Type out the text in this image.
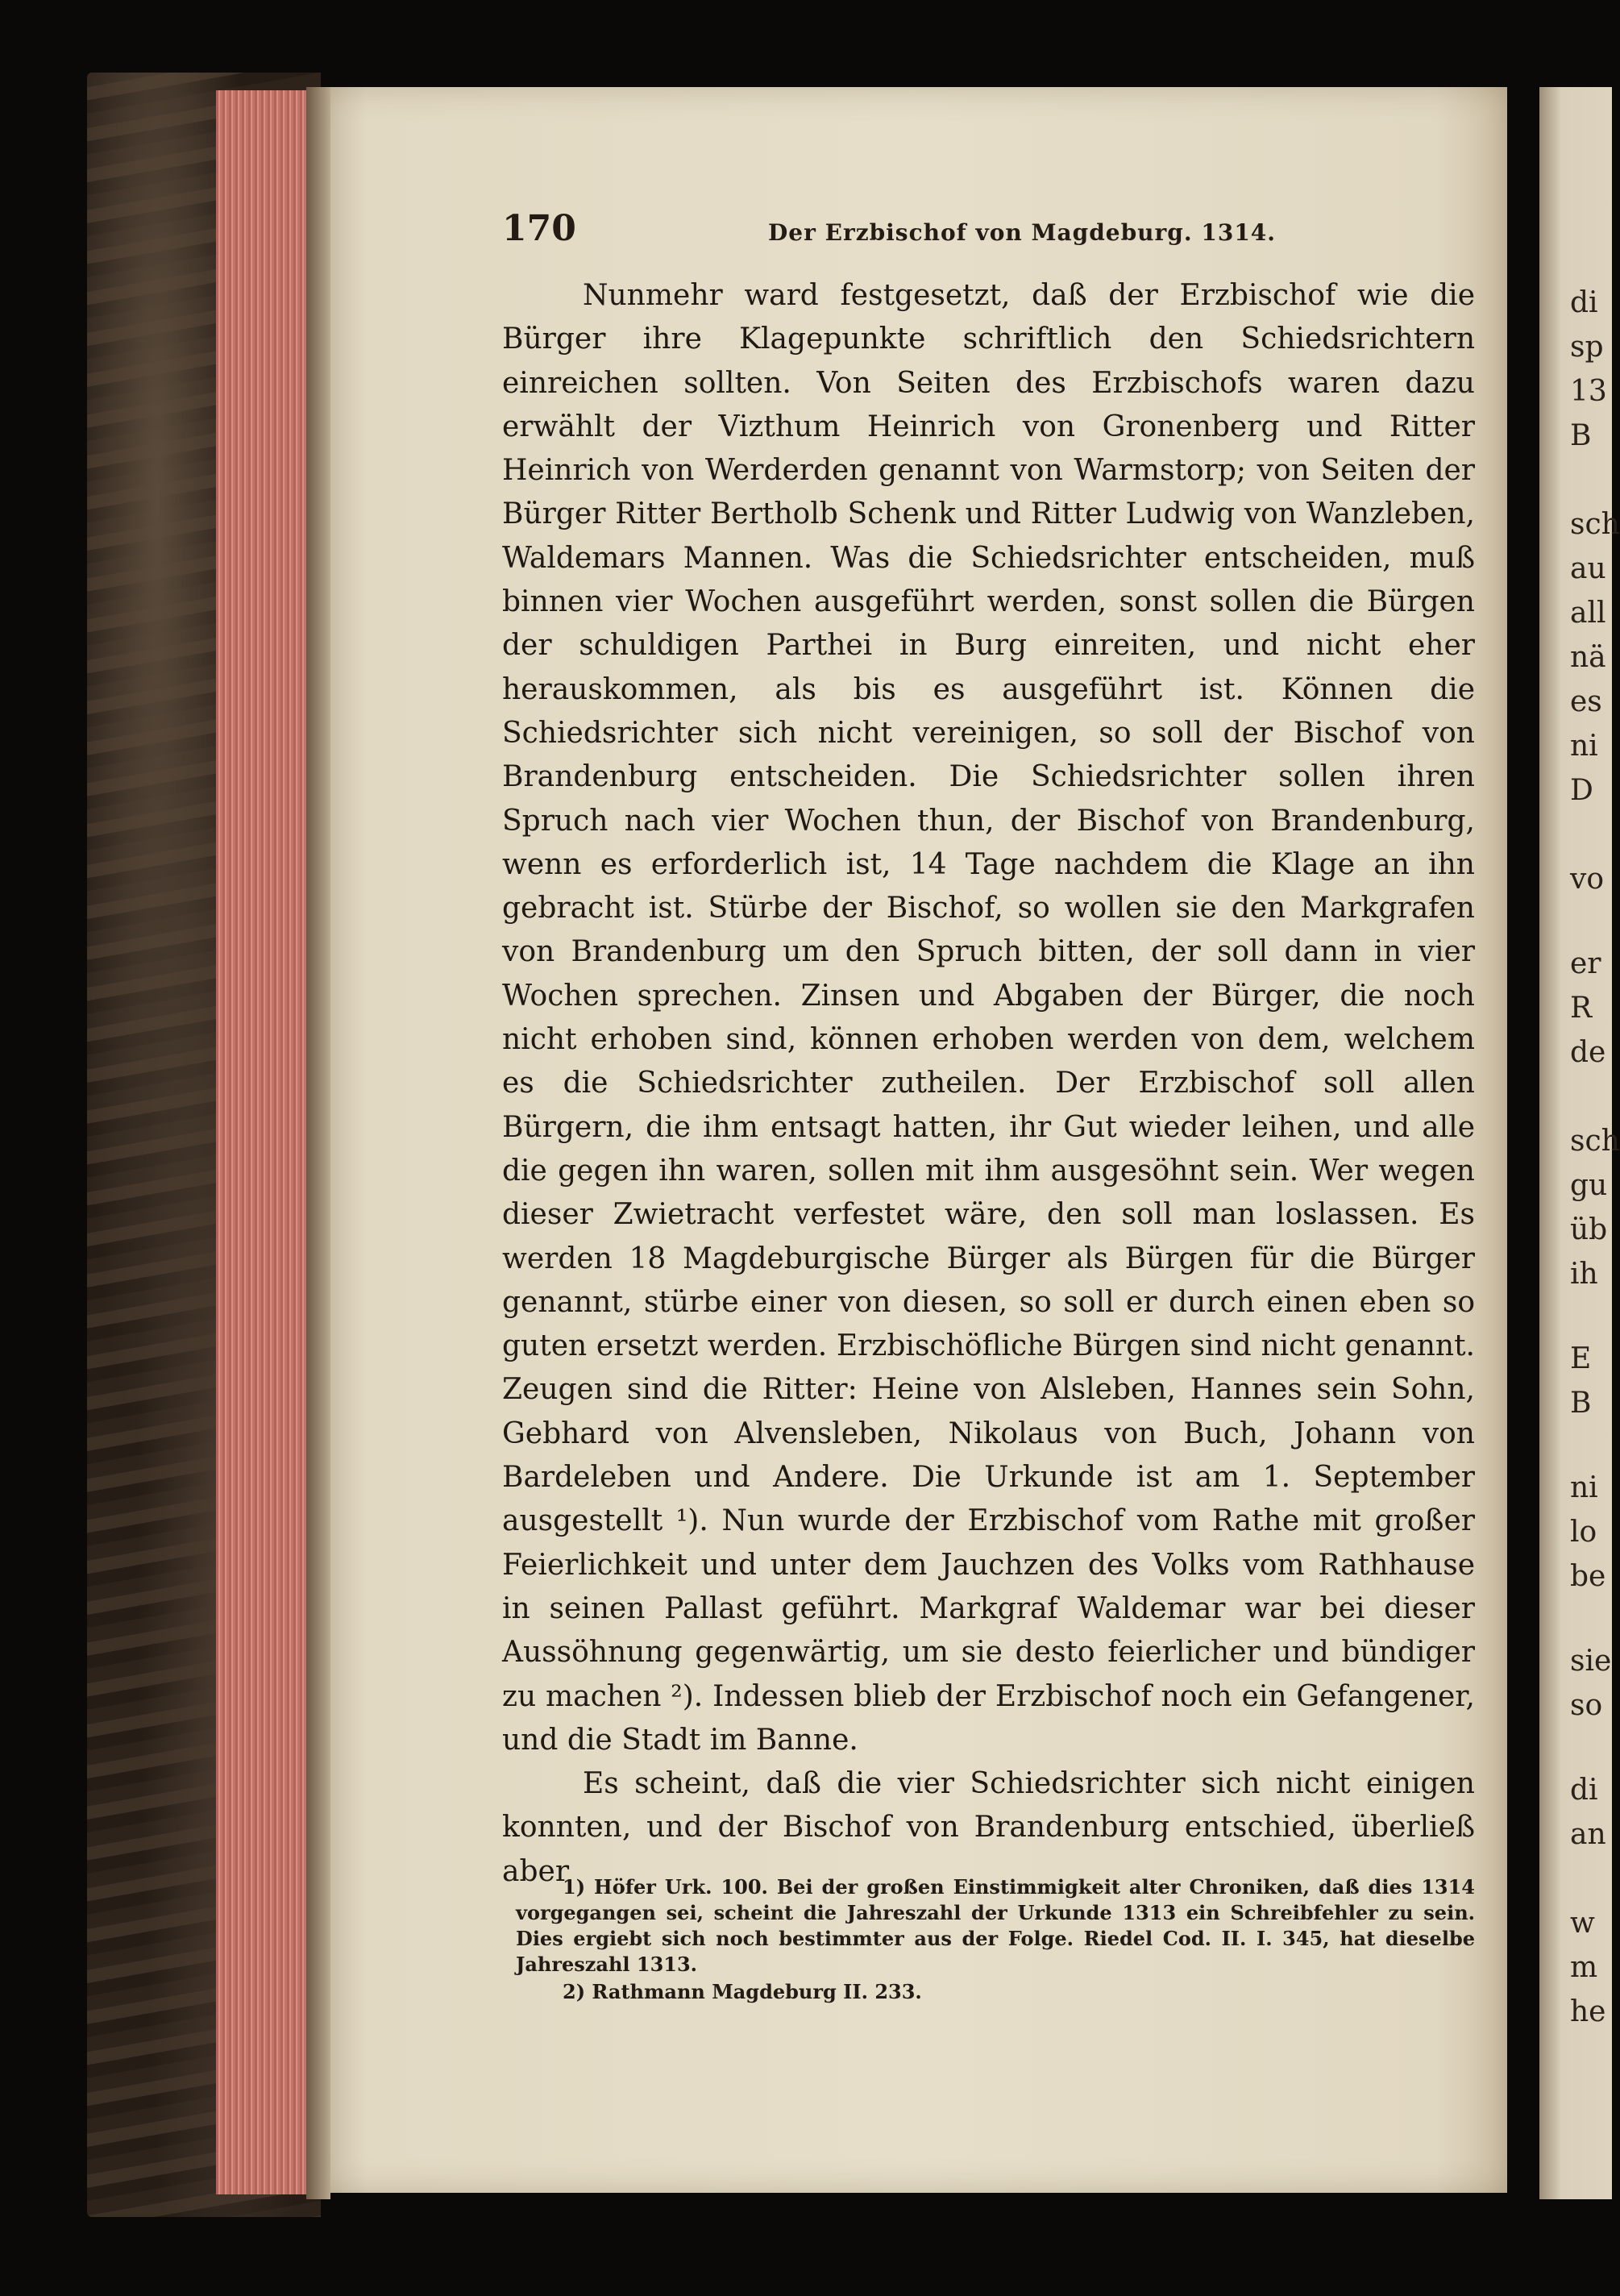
di
sp
13
B
sch
au
all
nä
es
ni
D
vo
er
R
de
sch
gu
üb
ih
E
B
ni
lo
be
sie
so
di
an
w
m
he
170	Der Erzbischof von Magdeburg. 1314.

Nunmehr ward festgesetzt, daß der Erzbischof wie die Bürger ihre Klagepunkte schriftlich den Schiedsrichtern einreichen sollten. Von Seiten des Erzbischofs waren dazu erwählt der Vizthum Heinrich von Gronenberg und Ritter Heinrich von Werderden genannt von Warmstorp; von Seiten der Bürger Ritter Bertholb Schenk und Ritter Ludwig von Wanzleben, Waldemars Mannen. Was die Schiedsrichter entscheiden, muß binnen vier Wochen ausgeführt werden, sonst sollen die Bürgen der schuldigen Parthei in Burg einreiten, und nicht eher herauskommen, als bis es ausgeführt ist. Können die Schiedsrichter sich nicht vereinigen, so soll der Bischof von Brandenburg entscheiden. Die Schiedsrichter sollen ihren Spruch nach vier Wochen thun, der Bischof von Brandenburg, wenn es erforderlich ist, 14 Tage nachdem die Klage an ihn gebracht ist. Stürbe der Bischof, so wollen sie den Markgrafen von Brandenburg um den Spruch bitten, der soll dann in vier Wochen sprechen. Zinsen und Abgaben der Bürger, die noch nicht erhoben sind, können erhoben werden von dem, welchem es die Schiedsrichter zutheilen. Der Erzbischof soll allen Bürgern, die ihm entsagt hatten, ihr Gut wieder leihen, und alle die gegen ihn waren, sollen mit ihm ausgesöhnt sein. Wer wegen dieser Zwietracht verfestet wäre, den soll man loslassen. Es werden 18 Magdeburgische Bürger als Bürgen für die Bürger genannt, stürbe einer von diesen, so soll er durch einen eben so guten ersetzt werden. Erzbischöfliche Bürgen sind nicht genannt. Zeugen sind die Ritter: Heine von Alsleben, Hannes sein Sohn, Gebhard von Alvensleben, Nikolaus von Buch, Johann von Bardeleben und Andere. Die Urkunde ist am 1. September ausgestellt ¹). Nun wurde der Erzbischof vom Rathe mit großer Feierlichkeit und unter dem Jauchzen des Volks vom Rathhause in seinen Pallast geführt. Markgraf Waldemar war bei dieser Aussöhnung gegenwärtig, um sie desto feierlicher und bündiger zu machen ²). Indessen blieb der Erzbischof noch ein Gefangener, und die Stadt im Banne.

Es scheint, daß die vier Schiedsrichter sich nicht einigen konnten, und der Bischof von Brandenburg entschied, überließ aber

1) Höfer Urk. 100. Bei der großen Einstimmigkeit alter Chroniken, daß dies 1314 vorgegangen sei, scheint die Jahreszahl der Urkunde 1313 ein Schreibfehler zu sein. Dies ergiebt sich noch bestimmter aus der Folge. Riedel Cod. II. I. 345, hat dieselbe Jahreszahl 1313.

2) Rathmann Magdeburg II. 233.
